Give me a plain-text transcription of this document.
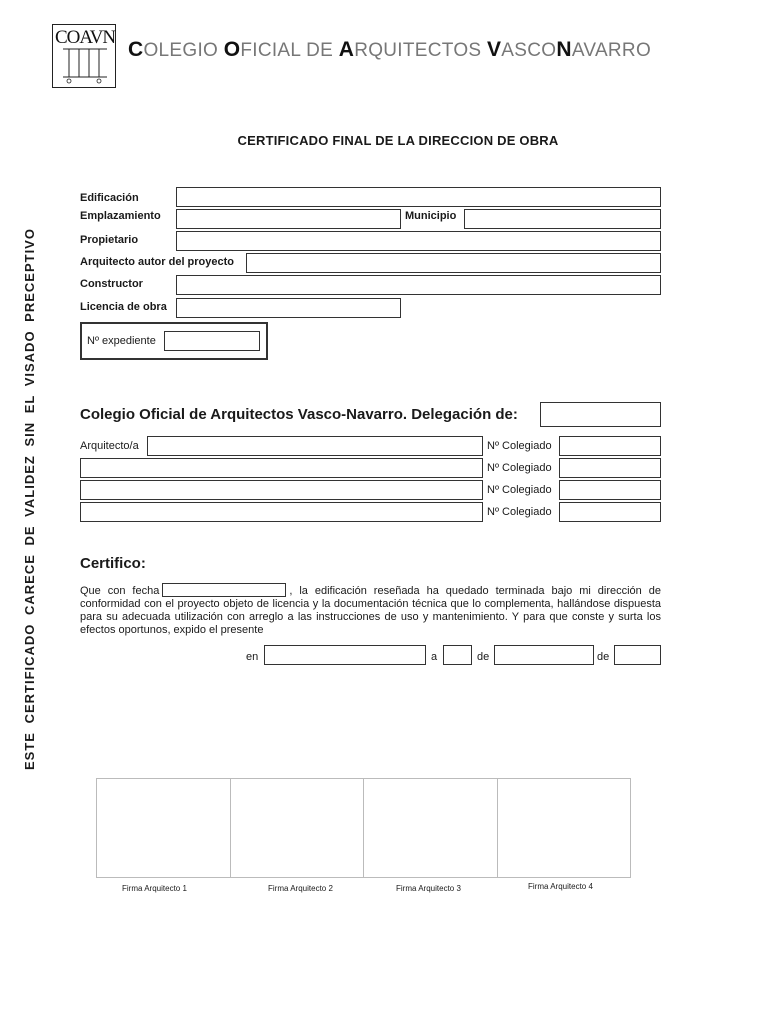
COAVN
COLEGIO OFICIAL DE ARQUITECTOS VASCONAVARRO
CERTIFICADO FINAL DE LA DIRECCION DE OBRA
ESTE CERTIFICADO CARECE DE VALIDEZ SIN EL VISADO PRECEPTIVO
Edificación
Emplazamiento	Municipio
Propietario
Arquitecto autor del proyecto
Constructor
Licencia de obra
Nº expediente
Colegio Oficial de Arquitectos Vasco-Navarro. Delegación de:
Arquitecto/a	Nº Colegiado
Nº Colegiado
Nº Colegiado
Nº Colegiado
Certifico:
Que con fecha	, la edificación reseñada ha quedado terminada bajo mi dirección de conformidad con el proyecto objeto de licencia y la documentación técnica que lo complementa, hallándose dispuesta para su adecuada utilización con arreglo a las instrucciones de uso y mantenimiento. Y para que conste y surta los efectos oportunos, expido el presente
en	a	de	de
Firma Arquitecto 1	Firma Arquitecto 2	Firma Arquitecto 3	Firma Arquitecto 4
